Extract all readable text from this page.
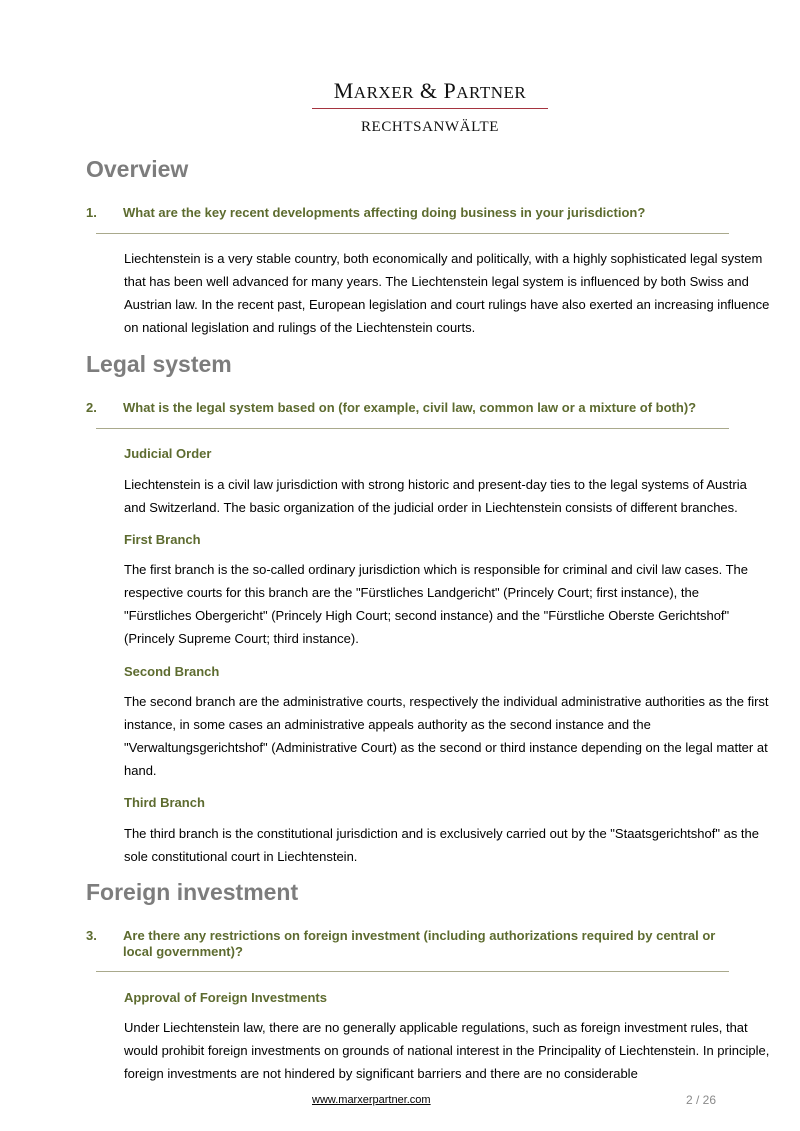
MARXER & PARTNER
RECHTSANWÄLTE
Overview
1.	What are the key recent developments affecting doing business in your jurisdiction?

Liechtenstein is a very stable country, both economically and politically, with a highly sophisticated legal system that has been well advanced for many years. The Liechtenstein legal system is influenced by both Swiss and Austrian law. In the recent past, European legislation and court rulings have also exerted an increasing influence on national legislation and rulings of the Liechtenstein courts.

Legal system
2.	What is the legal system based on (for example, civil law, common law or a mixture of both)?
Judicial Order

Liechtenstein is a civil law jurisdiction with strong historic and present-day ties to the legal systems of Austria and Switzerland. The basic organization of the judicial order in Liechtenstein consists of different branches.

First Branch

The first branch is the so-called ordinary jurisdiction which is responsible for criminal and civil law cases. The respective courts for this branch are the "Fürstliches Landgericht" (Princely Court; first instance), the "Fürstliches Obergericht" (Princely High Court; second instance) and the "Fürstliche Oberste Gerichtshof" (Princely Supreme Court; third instance).

Second Branch

The second branch are the administrative courts, respectively the individual administrative authorities as the first instance, in some cases an administrative appeals authority as the second instance and the "Verwaltungsgerichtshof" (Administrative Court) as the second or third instance depending on the legal matter at hand.

Third Branch

The third branch is the constitutional jurisdiction and is exclusively carried out by the "Staatsgerichtshof" as the sole constitutional court in Liechtenstein.

Foreign investment
3.	Are there any restrictions on foreign investment (including authorizations required by central or local government)?
Approval of Foreign Investments

Under Liechtenstein law, there are no generally applicable regulations, such as foreign investment rules, that would prohibit foreign investments on grounds of national interest in the Principality of Liechtenstein. In principle, foreign investments are not hindered by significant barriers and there are no considerable

www.marxerpartner.com	2 / 26
